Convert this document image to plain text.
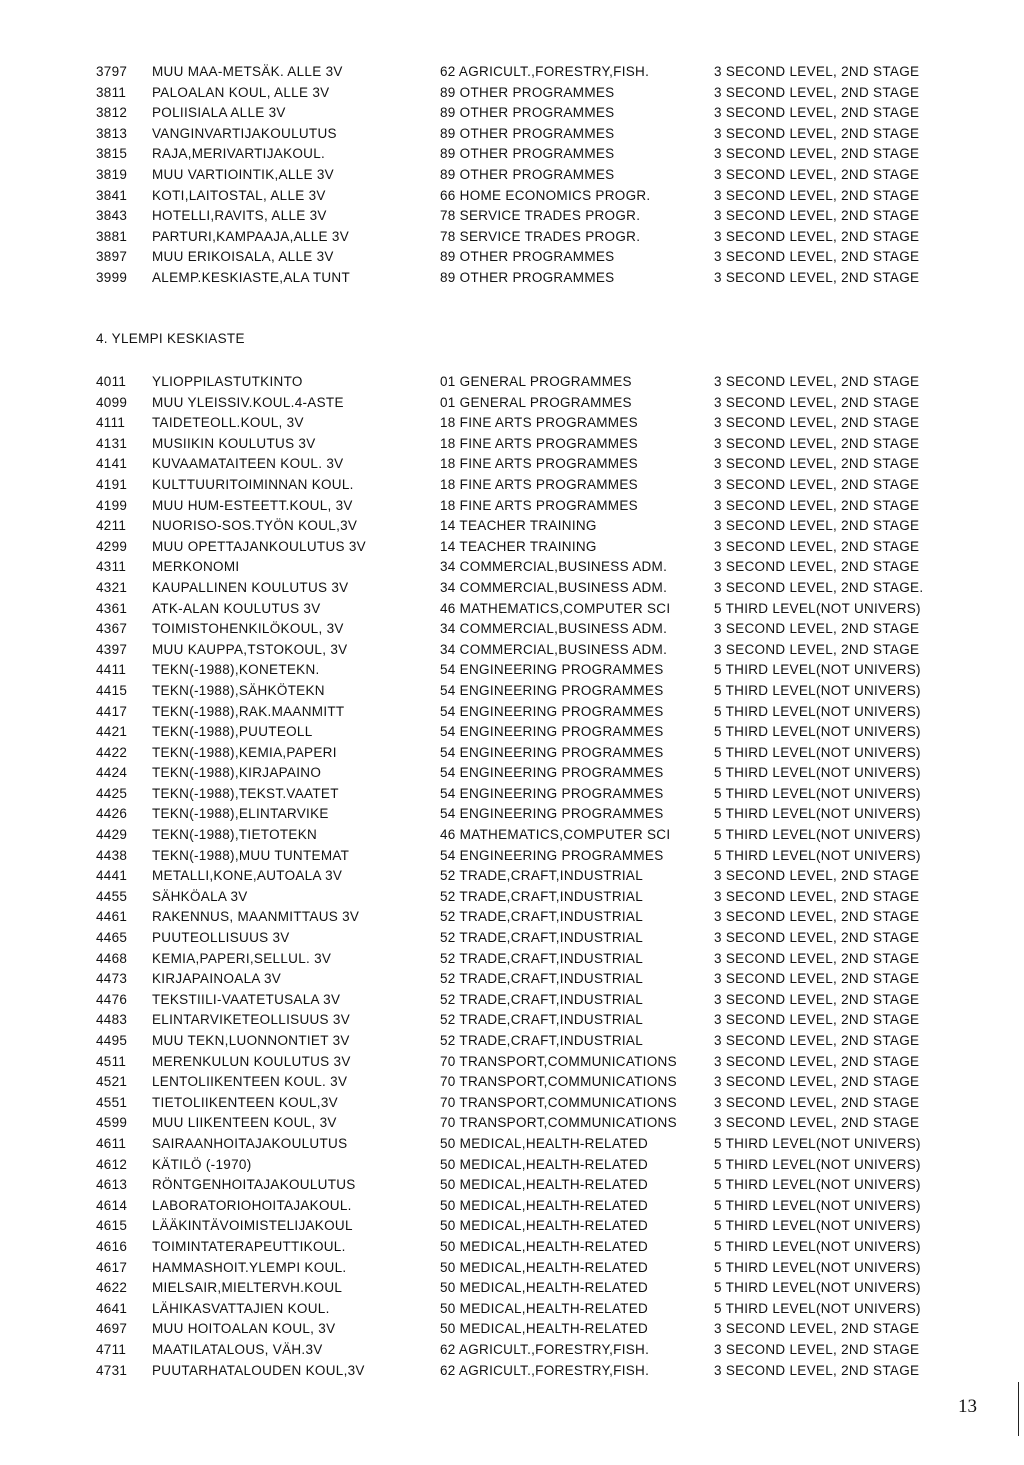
3797	MUU MAA-METSÄK. ALLE 3V	62 AGRICULT.,FORESTRY,FISH.	3 SECOND LEVEL, 2ND STAGE
3811	PALOALAN KOUL, ALLE 3V	89 OTHER PROGRAMMES	3 SECOND LEVEL, 2ND STAGE
3812	POLIISIALA ALLE 3V	89 OTHER PROGRAMMES	3 SECOND LEVEL, 2ND STAGE
3813	VANGINVARTIJAKOULUTUS	89 OTHER PROGRAMMES	3 SECOND LEVEL, 2ND STAGE
3815	RAJA,MERIVARTIJAKOUL.	89 OTHER PROGRAMMES	3 SECOND LEVEL, 2ND STAGE
3819	MUU VARTIOINTIK,ALLE 3V	89 OTHER PROGRAMMES	3 SECOND LEVEL, 2ND STAGE
3841	KOTI,LAITOSTAL, ALLE 3V	66 HOME ECONOMICS PROGR.	3 SECOND LEVEL, 2ND STAGE
3843	HOTELLI,RAVITS, ALLE 3V	78 SERVICE TRADES PROGR.	3 SECOND LEVEL, 2ND STAGE
3881	PARTURI,KAMPAAJA,ALLE 3V	78 SERVICE TRADES PROGR.	3 SECOND LEVEL, 2ND STAGE
3897	MUU ERIKOISALA, ALLE 3V	89 OTHER PROGRAMMES	3 SECOND LEVEL, 2ND STAGE
3999	ALEMP.KESKIASTE,ALA TUNT	89 OTHER PROGRAMMES	3 SECOND LEVEL, 2ND STAGE
4. YLEMPI KESKIASTE
4011	YLIOPPILASTUTKINTO	01 GENERAL PROGRAMMES	3 SECOND LEVEL, 2ND STAGE
4099	MUU YLEISSIV.KOUL.4-ASTE	01 GENERAL PROGRAMMES	3 SECOND LEVEL, 2ND STAGE
4111	TAIDETEOLL.KOUL, 3V	18 FINE ARTS PROGRAMMES	3 SECOND LEVEL, 2ND STAGE
4131	MUSIIKIN KOULUTUS 3V	18 FINE ARTS PROGRAMMES	3 SECOND LEVEL, 2ND STAGE
4141	KUVAAMATAITEEN KOUL. 3V	18 FINE ARTS PROGRAMMES	3 SECOND LEVEL, 2ND STAGE
4191	KULTTUURITOIMINNAN KOUL.	18 FINE ARTS PROGRAMMES	3 SECOND LEVEL, 2ND STAGE
4199	MUU HUM-ESTEETT.KOUL, 3V	18 FINE ARTS PROGRAMMES	3 SECOND LEVEL, 2ND STAGE
4211	NUORISO-SOS.TYÖN KOUL,3V	14 TEACHER TRAINING	3 SECOND LEVEL, 2ND STAGE
4299	MUU OPETTAJANKOULUTUS 3V	14 TEACHER TRAINING	3 SECOND LEVEL, 2ND STAGE
4311	MERKONOMI	34 COMMERCIAL,BUSINESS ADM.	3 SECOND LEVEL, 2ND STAGE
4321	KAUPALLINEN KOULUTUS 3V	34 COMMERCIAL,BUSINESS ADM.	3 SECOND LEVEL, 2ND STAGE.
4361	ATK-ALAN KOULUTUS 3V	46 MATHEMATICS,COMPUTER SCI	5 THIRD LEVEL(NOT UNIVERS)
4367	TOIMISTOHENKILÖKOUL, 3V	34 COMMERCIAL,BUSINESS ADM.	3 SECOND LEVEL, 2ND STAGE
4397	MUU KAUPPA,TSTOKOUL, 3V	34 COMMERCIAL,BUSINESS ADM.	3 SECOND LEVEL, 2ND STAGE
4411	TEKN(-1988),KONETEKN.	54 ENGINEERING PROGRAMMES	5 THIRD LEVEL(NOT UNIVERS)
4415	TEKN(-1988),SÄHKÖTEKN	54 ENGINEERING PROGRAMMES	5 THIRD LEVEL(NOT UNIVERS)
4417	TEKN(-1988),RAK.MAANMITT	54 ENGINEERING PROGRAMMES	5 THIRD LEVEL(NOT UNIVERS)
4421	TEKN(-1988),PUUTEOLL	54 ENGINEERING PROGRAMMES	5 THIRD LEVEL(NOT UNIVERS)
4422	TEKN(-1988),KEMIA,PAPERI	54 ENGINEERING PROGRAMMES	5 THIRD LEVEL(NOT UNIVERS)
4424	TEKN(-1988),KIRJAPAINO	54 ENGINEERING PROGRAMMES	5 THIRD LEVEL(NOT UNIVERS)
4425	TEKN(-1988),TEKST.VAATET	54 ENGINEERING PROGRAMMES	5 THIRD LEVEL(NOT UNIVERS)
4426	TEKN(-1988),ELINTARVIKE	54 ENGINEERING PROGRAMMES	5 THIRD LEVEL(NOT UNIVERS)
4429	TEKN(-1988),TIETOTEKN	46 MATHEMATICS,COMPUTER SCI	5 THIRD LEVEL(NOT UNIVERS)
4438	TEKN(-1988),MUU TUNTEMAT	54 ENGINEERING PROGRAMMES	5 THIRD LEVEL(NOT UNIVERS)
4441	METALLI,KONE,AUTOALA 3V	52 TRADE,CRAFT,INDUSTRIAL	3 SECOND LEVEL, 2ND STAGE
4455	SÄHKÖALA 3V	52 TRADE,CRAFT,INDUSTRIAL	3 SECOND LEVEL, 2ND STAGE
4461	RAKENNUS, MAANMITTAUS 3V	52 TRADE,CRAFT,INDUSTRIAL	3 SECOND LEVEL, 2ND STAGE
4465	PUUTEOLLISUUS 3V	52 TRADE,CRAFT,INDUSTRIAL	3 SECOND LEVEL, 2ND STAGE
4468	KEMIA,PAPERI,SELLUL. 3V	52 TRADE,CRAFT,INDUSTRIAL	3 SECOND LEVEL, 2ND STAGE
4473	KIRJAPAINOALA 3V	52 TRADE,CRAFT,INDUSTRIAL	3 SECOND LEVEL, 2ND STAGE
4476	TEKSTIILI-VAATETUSALA 3V	52 TRADE,CRAFT,INDUSTRIAL	3 SECOND LEVEL, 2ND STAGE
4483	ELINTARVIKETEOLLISUUS 3V	52 TRADE,CRAFT,INDUSTRIAL	3 SECOND LEVEL, 2ND STAGE
4495	MUU TEKN,LUONNONTIET 3V	52 TRADE,CRAFT,INDUSTRIAL	3 SECOND LEVEL, 2ND STAGE
4511	MERENKULUN KOULUTUS 3V	70 TRANSPORT,COMMUNICATIONS	3 SECOND LEVEL, 2ND STAGE
4521	LENTOLIIKENTEEN KOUL. 3V	70 TRANSPORT,COMMUNICATIONS	3 SECOND LEVEL, 2ND STAGE
4551	TIETOLIIKENTEEN KOUL,3V	70 TRANSPORT,COMMUNICATIONS	3 SECOND LEVEL, 2ND STAGE
4599	MUU LIIKENTEEN KOUL, 3V	70 TRANSPORT,COMMUNICATIONS	3 SECOND LEVEL, 2ND STAGE
4611	SAIRAANHOITAJAKOULUTUS	50 MEDICAL,HEALTH-RELATED	5 THIRD LEVEL(NOT UNIVERS)
4612	KÄTILÖ (-1970)	50 MEDICAL,HEALTH-RELATED	5 THIRD LEVEL(NOT UNIVERS)
4613	RÖNTGENHOITAJAKOULUTUS	50 MEDICAL,HEALTH-RELATED	5 THIRD LEVEL(NOT UNIVERS)
4614	LABORATORIOHOITAJAKOUL.	50 MEDICAL,HEALTH-RELATED	5 THIRD LEVEL(NOT UNIVERS)
4615	LÄÄKINTÄVOIMISTELIJAKOUL	50 MEDICAL,HEALTH-RELATED	5 THIRD LEVEL(NOT UNIVERS)
4616	TOIMINTATERAPEUTTIKOUL.	50 MEDICAL,HEALTH-RELATED	5 THIRD LEVEL(NOT UNIVERS)
4617	HAMMASHOIT.YLEMPI KOUL.	50 MEDICAL,HEALTH-RELATED	5 THIRD LEVEL(NOT UNIVERS)
4622	MIELSAIR,MIELTERVH.KOUL	50 MEDICAL,HEALTH-RELATED	5 THIRD LEVEL(NOT UNIVERS)
4641	LÄHIKASVATTAJIEN KOUL.	50 MEDICAL,HEALTH-RELATED	5 THIRD LEVEL(NOT UNIVERS)
4697	MUU HOITOALAN KOUL, 3V	50 MEDICAL,HEALTH-RELATED	3 SECOND LEVEL, 2ND STAGE
4711	MAATILATALOUS, VÄH.3V	62 AGRICULT.,FORESTRY,FISH.	3 SECOND LEVEL, 2ND STAGE
4731	PUUTARHATALOUDEN KOUL,3V	62 AGRICULT.,FORESTRY,FISH.	3 SECOND LEVEL, 2ND STAGE
13
